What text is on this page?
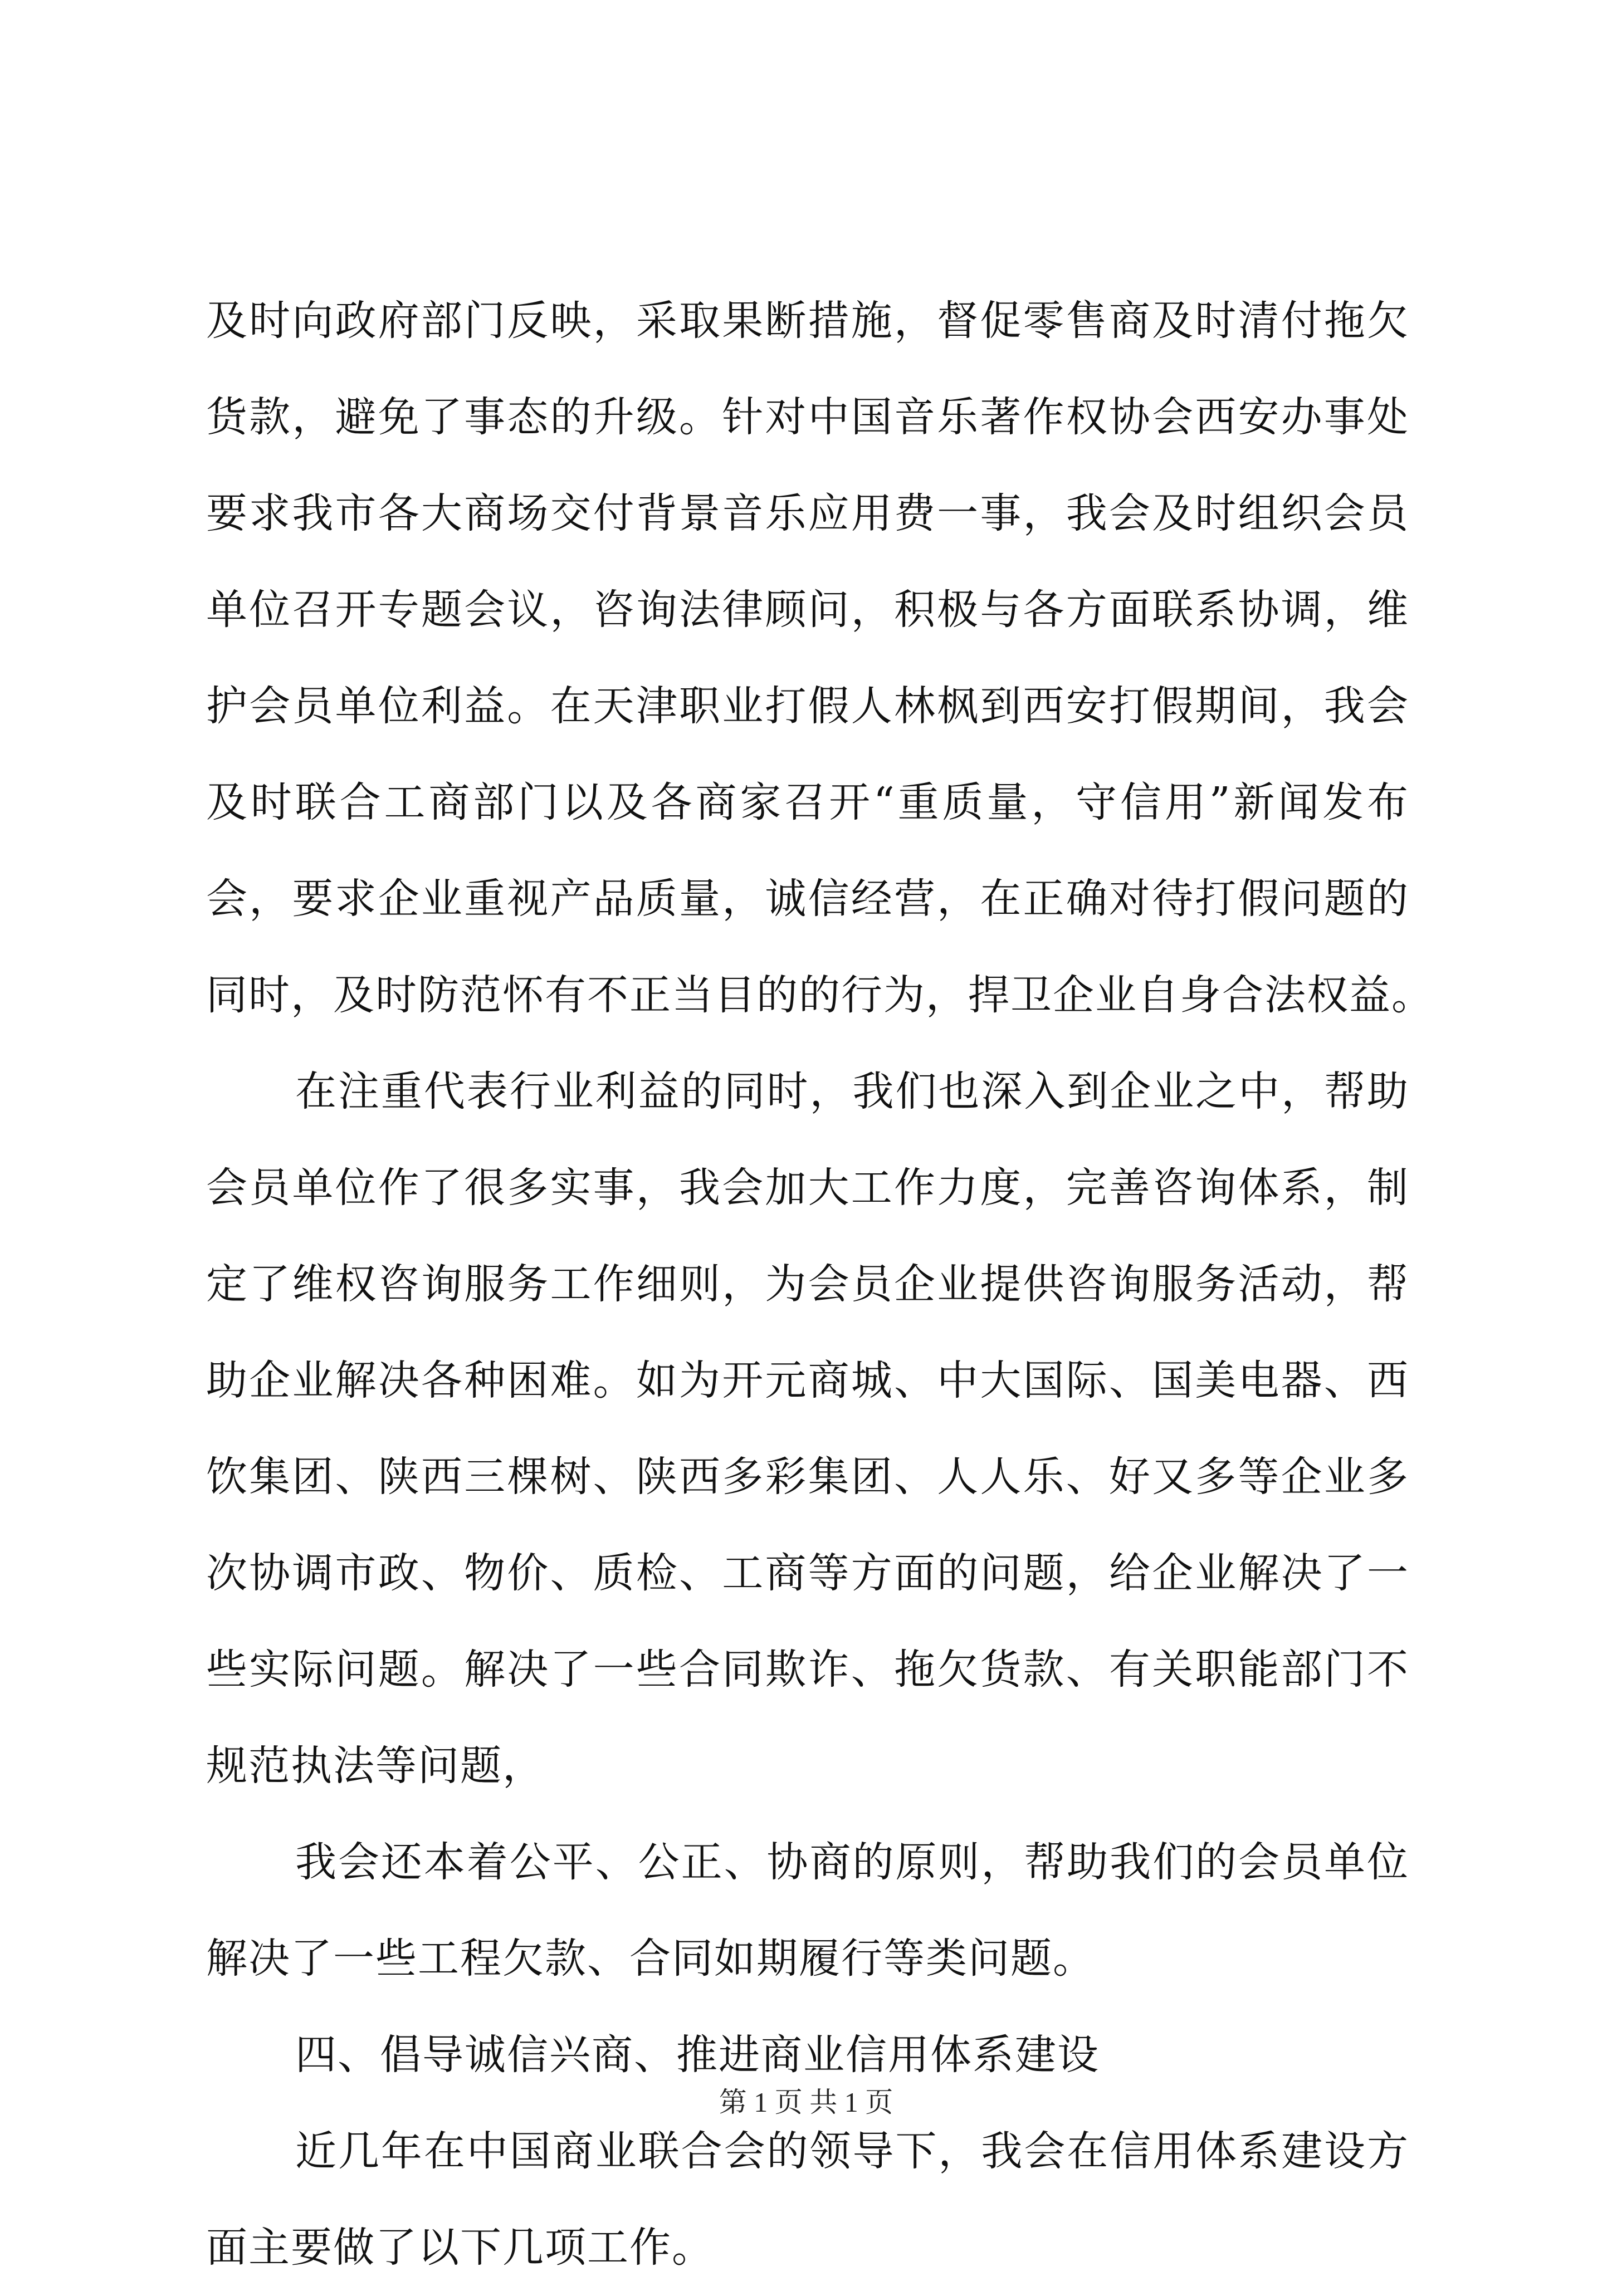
及时向政府部门反映，采取果断措施，督促零售商及时清付拖欠
货款，避免了事态的升级。针对中国音乐著作权协会西安办事处
要求我市各大商场交付背景音乐应用费一事，我会及时组织会员
单位召开专题会议，咨询法律顾问，积极与各方面联系协调，维
护会员单位利益。在天津职业打假人林枫到西安打假期间，我会
及时联合工商部门以及各商家召开“重质量，守信用”新闻发布
会，要求企业重视产品质量，诚信经营，在正确对待打假问题的
同时，及时防范怀有不正当目的的行为，捍卫企业自身合法权益。
在注重代表行业利益的同时，我们也深入到企业之中，帮助
会员单位作了很多实事，我会加大工作力度，完善咨询体系，制
定了维权咨询服务工作细则，为会员企业提供咨询服务活动，帮
助企业解决各种困难。如为开元商城、中大国际、国美电器、西
饮集团、陕西三棵树、陕西多彩集团、人人乐、好又多等企业多
次协调市政、物价、质检、工商等方面的问题，给企业解决了一
些实际问题。解决了一些合同欺诈、拖欠货款、有关职能部门不
规范执法等问题，
我会还本着公平、公正、协商的原则，帮助我们的会员单位
解决了一些工程欠款、合同如期履行等类问题。
四、倡导诚信兴商、推进商业信用体系建设
近几年在中国商业联合会的领导下，我会在信用体系建设方
面主要做了以下几项工作。
第 1 页 共 1 页
